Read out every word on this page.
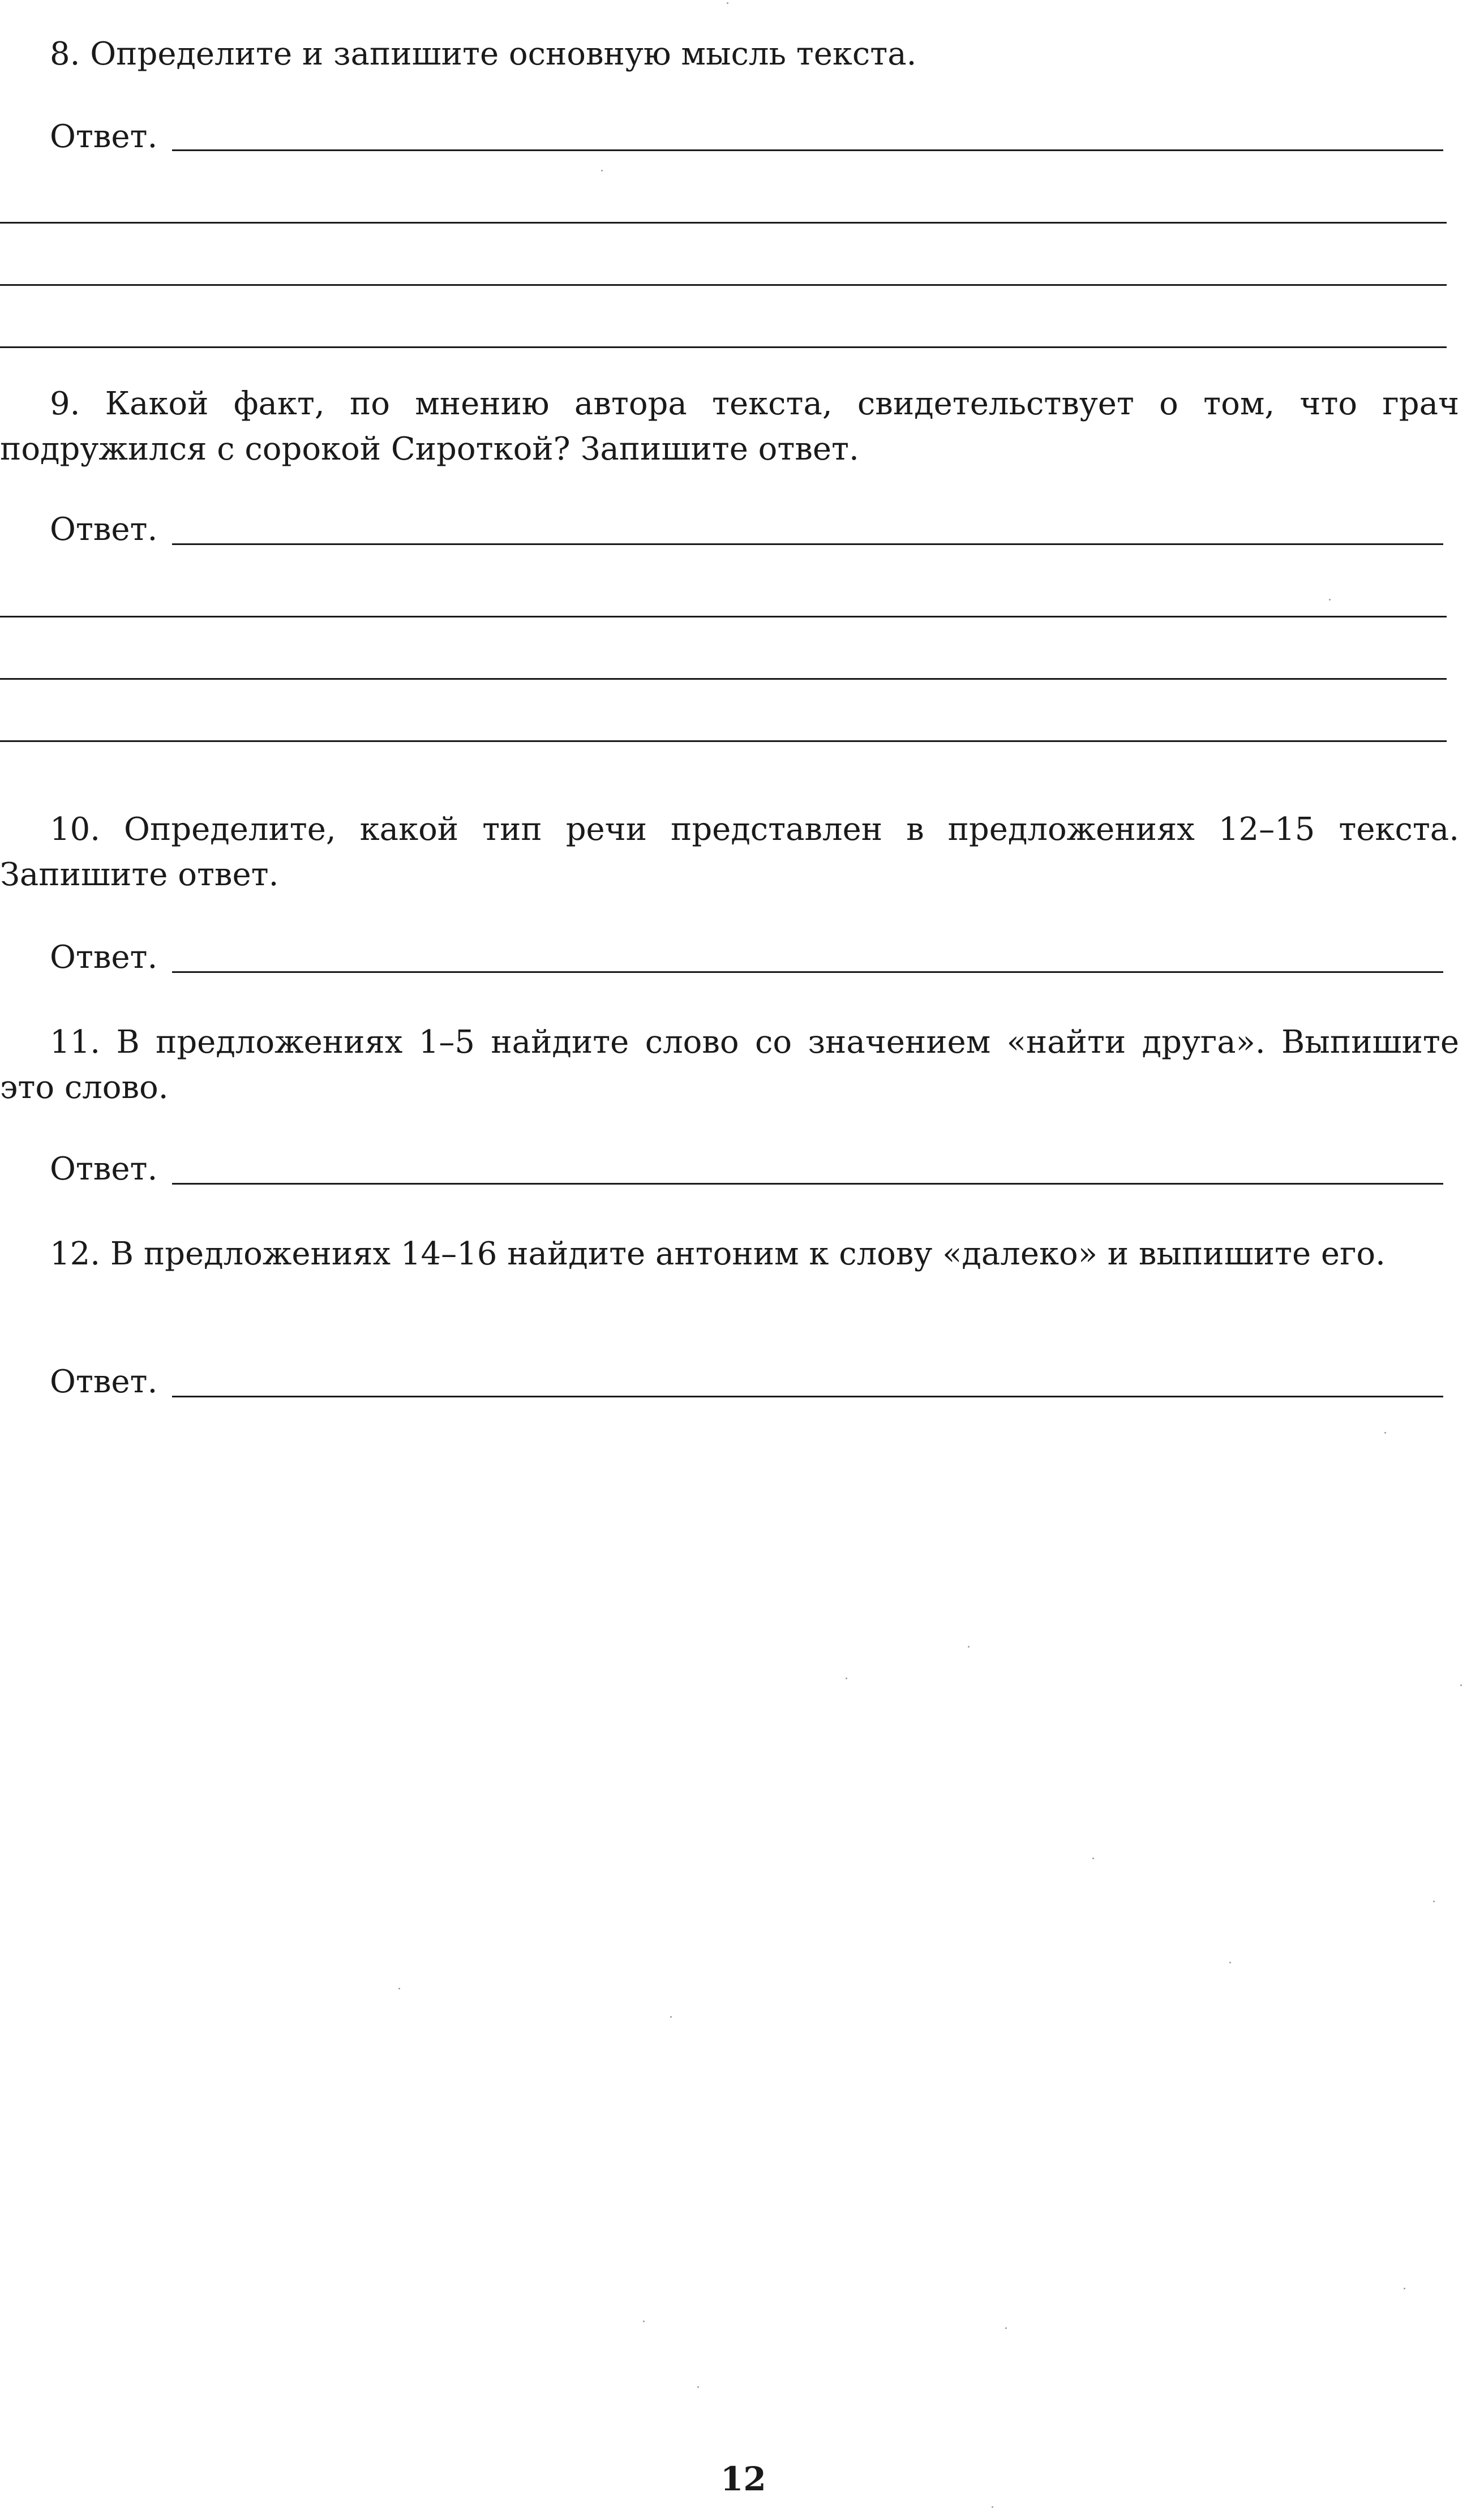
8. Определите и запишите основную мысль текста.

Ответ.

9. Какой факт, по мнению автора текста, свидетельствует о том, что грач подружился с сорокой Сироткой? Запишите ответ.

Ответ.

10. Определите, какой тип речи представлен в предложениях 12–15 текста. Запишите ответ.

Ответ.

11. В предложениях 1–5 найдите слово со значением «найти друга». Выпишите это слово.

Ответ.

12. В предложениях 14–16 найдите антоним к слову «далеко» и выпишите его.

Ответ.
12
